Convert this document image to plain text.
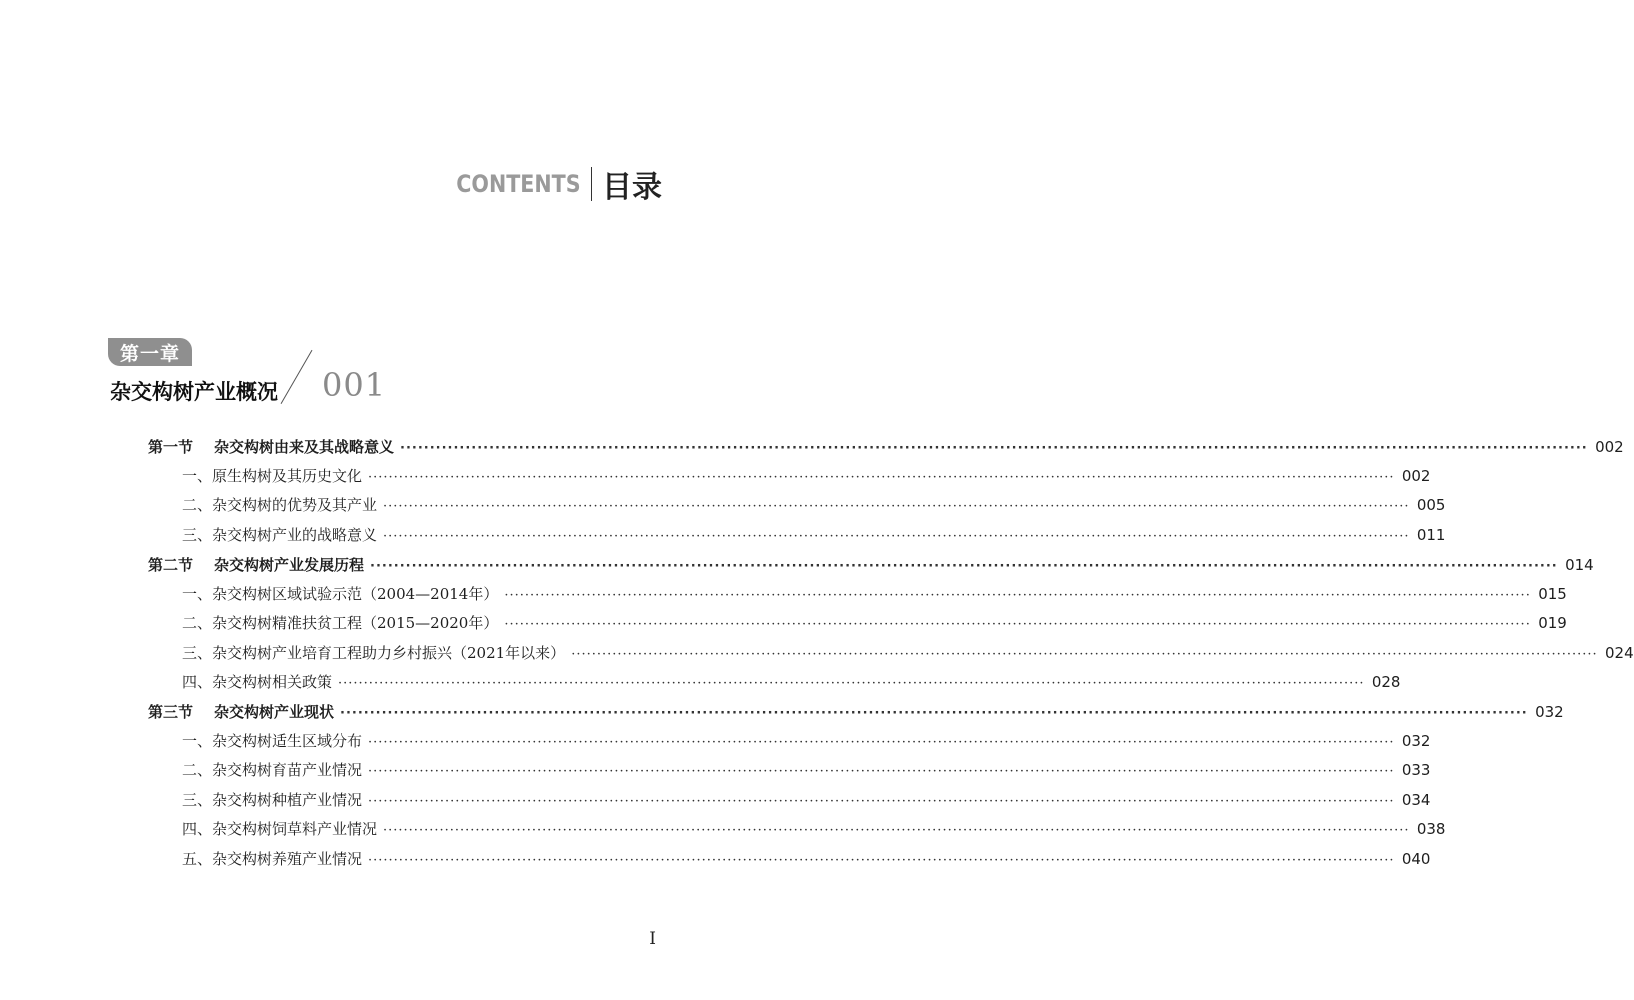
CONTENTS 目录
第一章
杂交构树产业概况 001
第一节	杂交构树由来及其战略意义 ········································································································································································································ 002
一、原生构树及其历史文化 ········································································································································································································ 002
二、杂交构树的优势及其产业 ········································································································································································································ 005
三、杂交构树产业的战略意义 ········································································································································································································ 011
第二节	杂交构树产业发展历程 ········································································································································································································ 014
一、杂交构树区域试验示范（2004—2014年） ········································································································································································································ 015
二、杂交构树精准扶贫工程（2015—2020年） ········································································································································································································ 019
三、杂交构树产业培育工程助力乡村振兴（2021年以来） ········································································································································································································ 024
四、杂交构树相关政策 ········································································································································································································ 028
第三节	杂交构树产业现状 ········································································································································································································ 032
一、杂交构树适生区域分布 ········································································································································································································ 032
二、杂交构树育苗产业情况 ········································································································································································································ 033
三、杂交构树种植产业情况 ········································································································································································································ 034
四、杂交构树饲草料产业情况 ········································································································································································································ 038
五、杂交构树养殖产业情况 ········································································································································································································ 040
I
